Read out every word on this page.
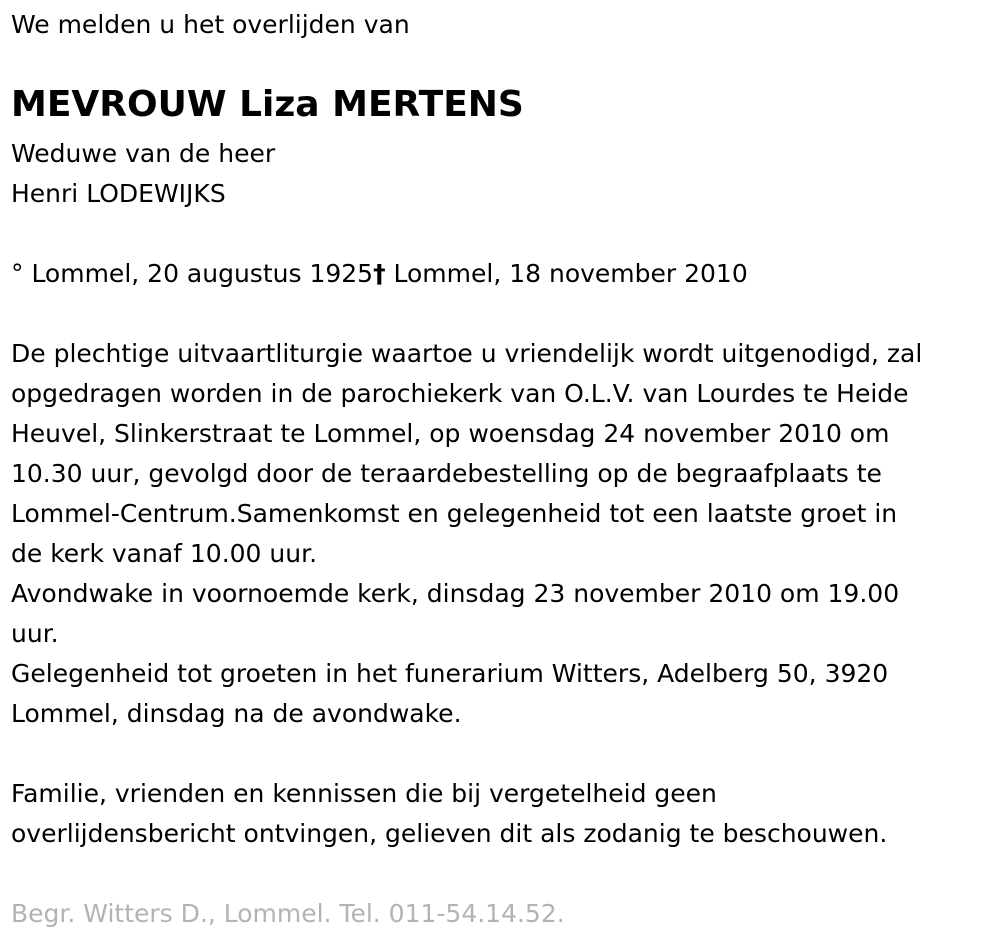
We melden u het overlijden van

MEVROUW Liza MERTENS

Weduwe van de heer

Henri LODEWIJKS

° Lommel, 20 augustus 1925† Lommel, 18 november 2010

De plechtige uitvaartliturgie waartoe u vriendelijk wordt uitgenodigd, zal

opgedragen worden in de parochiekerk van O.L.V. van Lourdes te Heide

Heuvel, Slinkerstraat te Lommel, op woensdag 24 november 2010 om

10.30 uur, gevolgd door de teraardebestelling op de begraafplaats te

Lommel-Centrum.Samenkomst en gelegenheid tot een laatste groet in

de kerk vanaf 10.00 uur.

Avondwake in voornoemde kerk, dinsdag 23 november 2010 om 19.00

uur.

Gelegenheid tot groeten in het funerarium Witters, Adelberg 50, 3920

Lommel, dinsdag na de avondwake.

Familie, vrienden en kennissen die bij vergetelheid geen

overlijdensbericht ontvingen, gelieven dit als zodanig te beschouwen.

Begr. Witters D., Lommel. Tel. 011-54.14.52.
